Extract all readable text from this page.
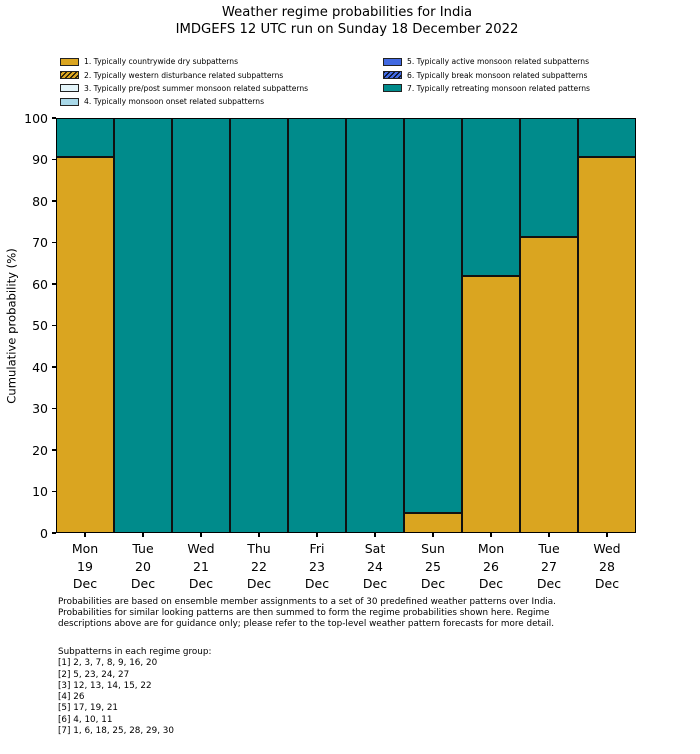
Weather regime probabilities for India
IMDGEFS 12 UTC run on Sunday 18 December 2022
1. Typically countrywide dry subpatterns
2. Typically western disturbance related subpatterns
3. Typically pre/post summer monsoon related subpatterns
4. Typically monsoon onset related subpatterns
5. Typically active monsoon related subpatterns
6. Typically break monsoon related subpatterns
7. Typically retreating monsoon related patterns
Cumulative probability (%)
0
10
20
30
40
50
60
70
80
90
100
Mon
19
Dec
Tue
20
Dec
Wed
21
Dec
Thu
22
Dec
Fri
23
Dec
Sat
24
Dec
Sun
25
Dec
Mon
26
Dec
Tue
27
Dec
Wed
28
Dec
Probabilities are based on ensemble member assignments to a set of 30 predefined weather patterns over India.
Probabilities for similar looking patterns are then summed to form the regime probabilities shown here. Regime
descriptions above are for guidance only; please refer to the top-level weather pattern forecasts for more detail.
Subpatterns in each regime group:
[1] 2, 3, 7, 8, 9, 16, 20
[2] 5, 23, 24, 27
[3] 12, 13, 14, 15, 22
[4] 26
[5] 17, 19, 21
[6] 4, 10, 11
[7] 1, 6, 18, 25, 28, 29, 30
